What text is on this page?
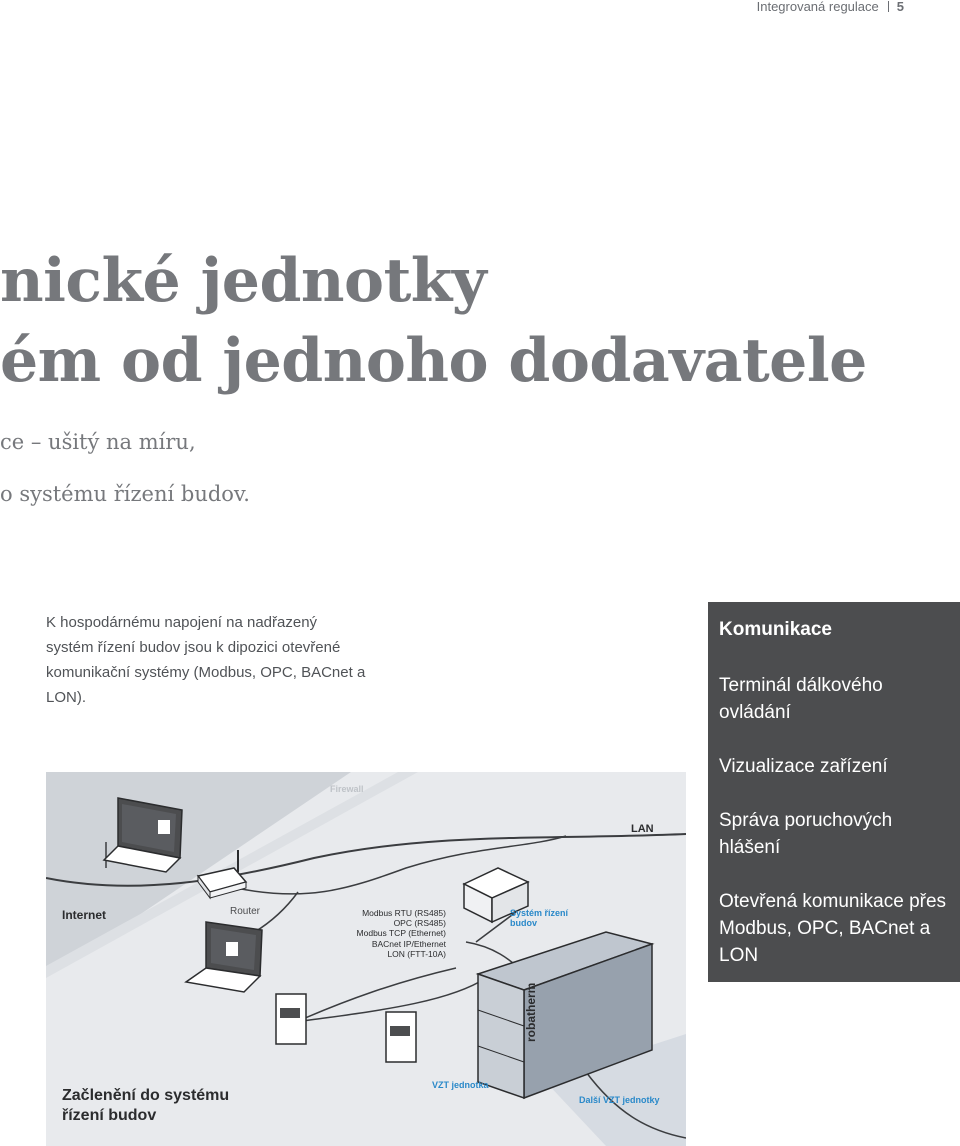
Integrovaná regulace 5
nické jednotky
ém od jednoho dodavatele

ce – ušitý na míru,

o systému řízení budov.

K hospodárnému napojení na nadřazený systém řízení budov jsou k dipozici otevřené komunikační systémy (Modbus, OPC, BACnet a LON).

Komunikace
Terminál dálkového ovládání
Vizualizace zařízení
Správa poruchových hlášení
Otevřená komunikace přes Modbus, OPC, BACnet a LON
Firewall
LAN
Internet	Router	Modbus RTU (RS485)
OPC (RS485)
Modbus TCP (Ethernet)
BACnet IP/Ethernet
LON (FTT-10A)
Systém řízení budov
VZT jednotka
robatherm
Další VZT jednotky
Začlenění do systému
řízení budov
